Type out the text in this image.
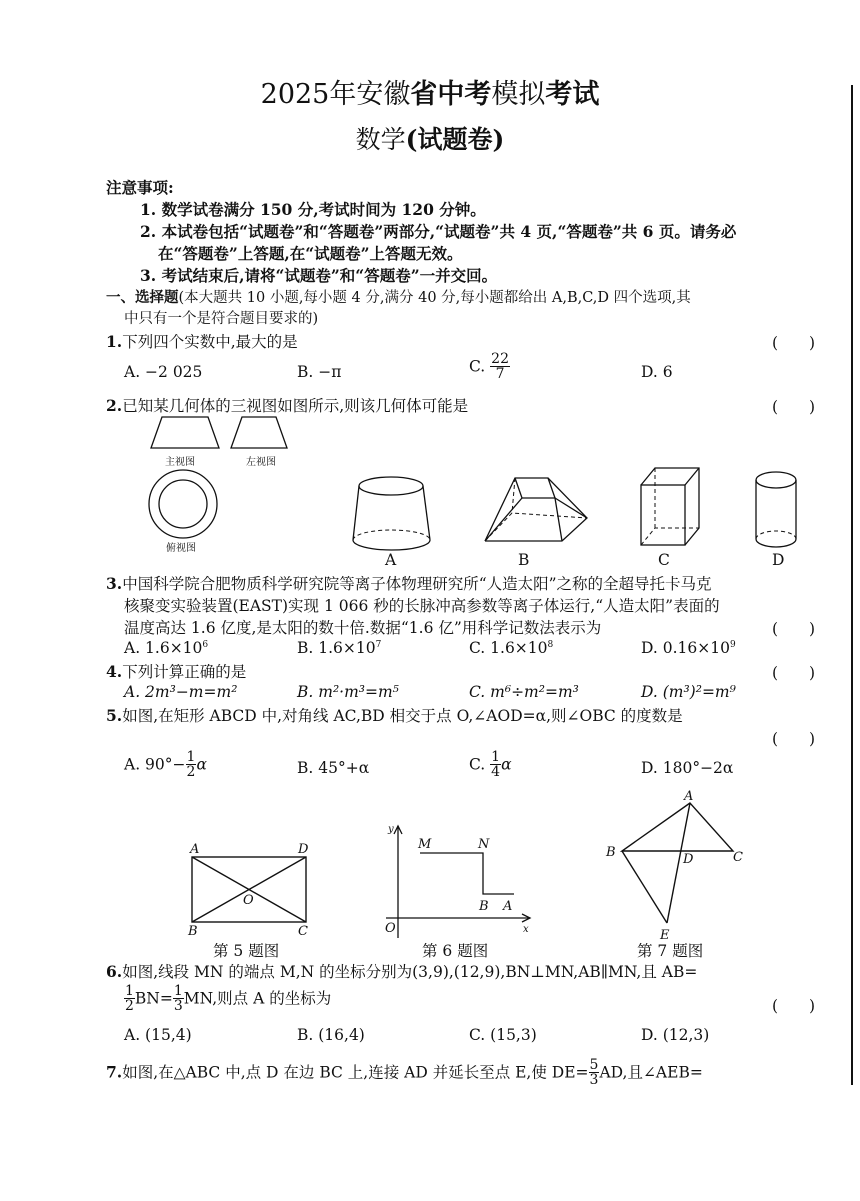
2025年安徽省中考模拟考试
数学(试题卷)
注意事项:
1. 数学试卷满分 150 分,考试时间为 120 分钟。
2. 本试卷包括“试题卷”和“答题卷”两部分,“试题卷”共 4 页,“答题卷”共 6 页。请务必
在“答题卷”上答题,在“试题卷”上答题无效。
3. 考试结束后,请将“试题卷”和“答题卷”一并交回。
一、选择题(本大题共 10 小题,每小题 4 分,满分 40 分,每小题都给出 A,B,C,D 四个选项,其
中只有一个是符合题目要求的)
1.下列四个实数中,最大的是	(　　)
A. −2 025	B. −π	C. $\frac{22}{7}$	D. 6
2.已知某几何体的三视图如图所示,则该几何体可能是	(　　)
A	D
B	C
O
M	N
B A
O	x
y
A
B	C
D
E
主视图	左视图
俯视图
A	B	C	D
3.中国科学院合肥物质科学研究院等离子体物理研究所“人造太阳”之称的全超导托卡马克
核聚变实验装置(EAST)实现 1 066 秒的长脉冲高参数等离子体运行,“人造太阳”表面的
温度高达 1.6 亿度,是太阳的数十倍.数据“1.6 亿”用科学记数法表示为	(　　)
A. $1.6\times 10^6$	B. $1.6\times 10^7$	C. $1.6\times 10^8$	D. $0.16\times 10^9$
4.下列计算正确的是	(　　)
A. 2m³−m=m²	B. m²·m³=m⁵	C. m⁶÷m²=m³	D. (m³)²=m⁹
5.如图,在矩形 ABCD 中,对角线 AC,BD 相交于点 O,∠AOD=α,则∠OBC 的度数是
(　　)
A. $90^\circ- \frac{1}{2}$ α	B. 45°+α	C. $\frac{1}{4}$ α	D. 180°−2α
第 5 题图	第 6 题图	第 7 题图
6.如图,线段 MN 的端点 M,N 的坐标分别为(3,9),(12,9),BN⊥MN,AB∥MN,且 AB=
$\frac{1}{2} BN= \frac{1}{3}$ MN,则点 A 的坐标为	(　　)
A. (15,4)	B. (16,4)	C. (15,3)	D. (12,3)
7.如图,在△ABC 中,点 D 在边 BC 上,连接 AD 并延长至点 E,使 $DE= \frac{5}{3}$ AD,且∠AEB=
